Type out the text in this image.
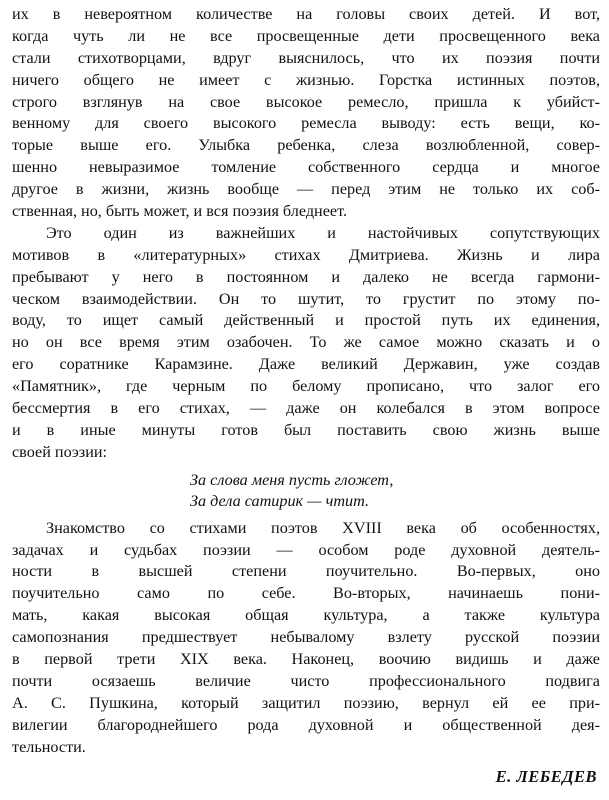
их в невероятном количестве на головы своих детей. И вот,
когда чуть ли не все просвещенные дети просвещенного века
стали стихотворцами, вдруг выяснилось, что их поэзия почти
ничего общего не имеет с жизнью. Горстка истинных поэтов,
строго взглянув на свое высокое ремесло, пришла к убийст-
венному для своего высокого ремесла выводу: есть вещи, ко-
торые выше его. Улыбка ребенка, слеза возлюбленной, совер-
шенно невыразимое томление собственного сердца и многое
другое в жизни, жизнь вообще — перед этим не только их соб-
ственная, но, быть может, и вся поэзия бледнеет.
Это один из важнейших и настойчивых сопутствующих
мотивов в «литературных» стихах Дмитриева. Жизнь и лира
пребывают у него в постоянном и далеко не всегда гармони-
ческом взаимодействии. Он то шутит, то грустит по этому по-
воду, то ищет самый действенный и простой путь их единения,
но он все время этим озабочен. То же самое можно сказать и о
его соратнике Карамзине. Даже великий Державин, уже создав
«Памятник», где черным по белому прописано, что залог его
бессмертия в его стихах, — даже он колебался в этом вопросе
и в иные минуты готов был поставить свою жизнь выше
своей поэзии:
За слова меня пусть гложет,
За дела сатирик — чтит.
Знакомство со стихами поэтов XVIII века об особенностях,
задачах и судьбах поэзии — особом роде духовной деятель-
ности в высшей степени поучительно. Во-первых, оно
поучительно само по себе. Во-вторых, начинаешь пони-
мать, какая высокая общая культура, а также культура
самопознания предшествует небывалому взлету русской поэзии
в первой трети XIX века. Наконец, воочию видишь и даже
почти осязаешь величие чисто профессионального подвига
А. С. Пушкина, который защитил поэзию, вернул ей ее при-
вилегии благороднейшего рода духовной и общественной дея-
тельности.
Е. ЛЕБЕДЕВ
